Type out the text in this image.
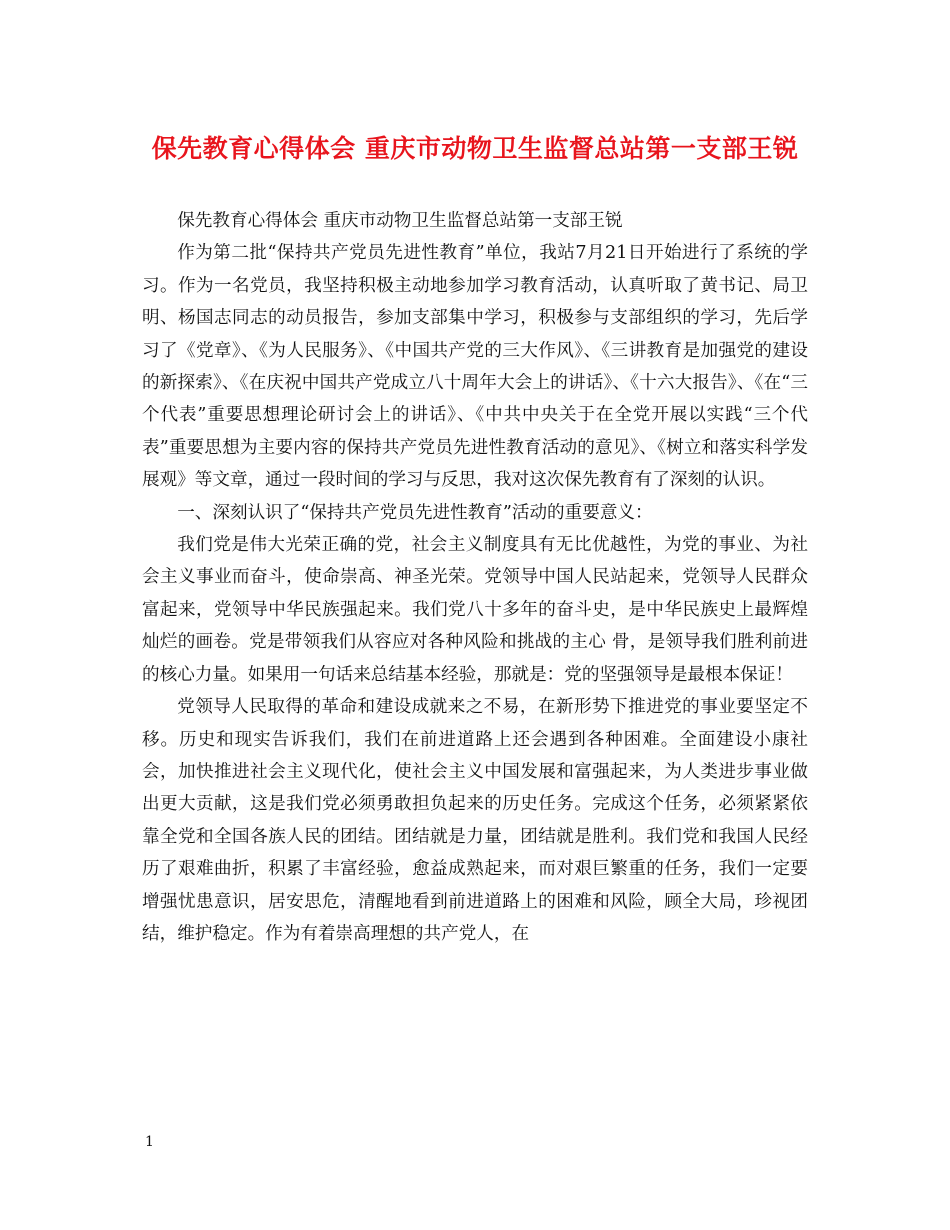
保先教育心得体会 重庆市动物卫生监督总站第一支部王锐

保先教育心得体会 重庆市动物卫生监督总站第一支部王锐

作为第二批“保持共产党员先进性教育”单位，我站7月21日开始进行了系统的学习。作为一名党员，我坚持积极主动地参加学习教育活动，认真听取了黄书记、局卫明、杨国志同志的动员报告，参加支部集中学习，积极参与支部组织的学习，先后学习了《党章》、《为人民服务》、《中国共产党的三大作风》、《三讲教育是加强党的建设的新探索》、《在庆祝中国共产党成立八十周年大会上的讲话》、《十六大报告》、《在“三个代表”重要思想理论研讨会上的讲话》、《中共中央关于在全党开展以实践“三个代表”重要思想为主要内容的保持共产党员先进性教育活动的意见》、《树立和落实科学发展观》等文章，通过一段时间的学习与反思，我对这次保先教育有了深刻的认识。

一、深刻认识了“保持共产党员先进性教育”活动的重要意义：

我们党是伟大光荣正确的党，社会主义制度具有无比优越性，为党的事业、为社会主义事业而奋斗，使命崇高、神圣光荣。党领导中国人民站起来，党领导人民群众富起来，党领导中华民族强起来。我们党八十多年的奋斗史，是中华民族史上最辉煌灿烂的画卷。党是带领我们从容应对各种风险和挑战的主心 骨，是领导我们胜利前进的核心力量。如果用一句话来总结基本经验，那就是：党的坚强领导是最根本保证！

党领导人民取得的革命和建设成就来之不易，在新形势下推进党的事业要坚定不移。历史和现实告诉我们，我们在前进道路上还会遇到各种困难。全面建设小康社会，加快推进社会主义现代化，使社会主义中国发展和富强起来，为人类进步事业做出更大贡献，这是我们党必须勇敢担负起来的历史任务。完成这个任务，必须紧紧依靠全党和全国各族人民的团结。团结就是力量，团结就是胜利。我们党和我国人民经历了艰难曲折，积累了丰富经验，愈益成熟起来，而对艰巨繁重的任务，我们一定要增强忧患意识，居安思危，清醒地看到前进道路上的困难和风险，顾全大局，珍视团结，维护稳定。作为有着崇高理想的共产党人，在

1
